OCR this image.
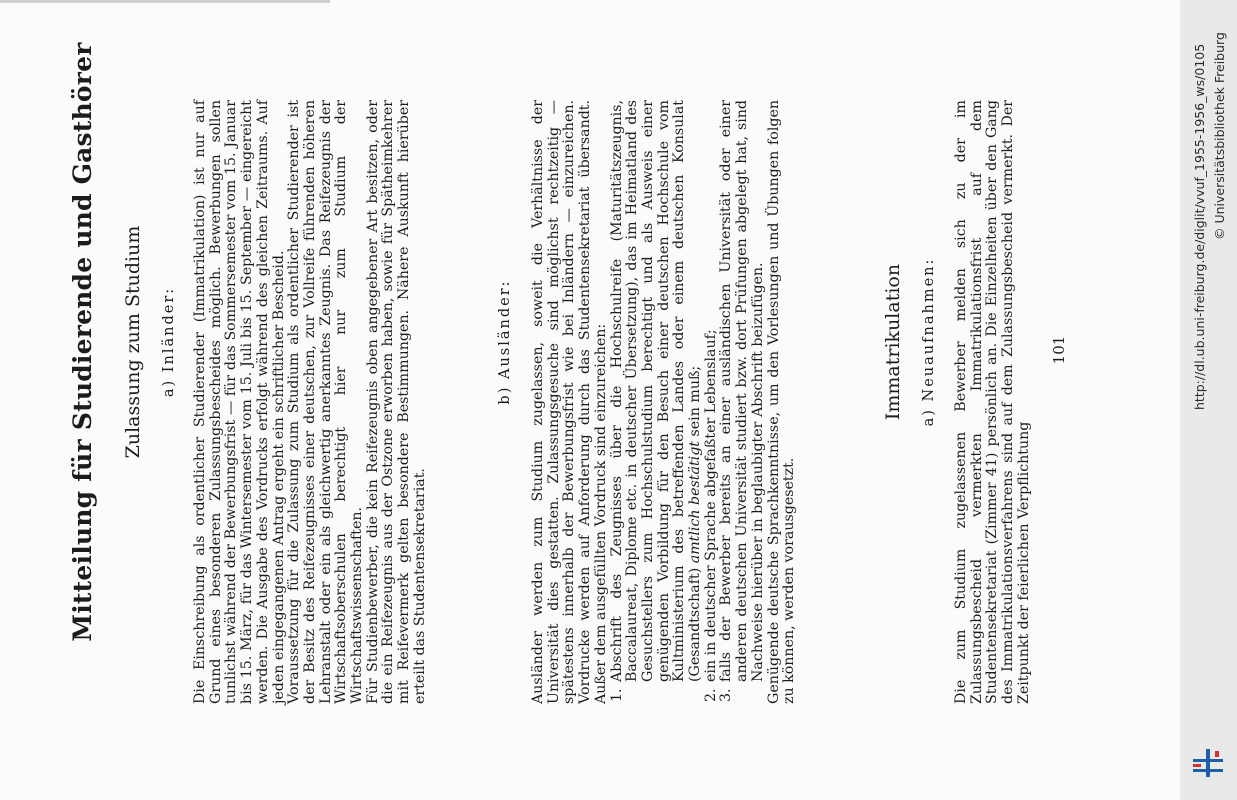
Mitteilung für Studierende und Gasthörer Zulassung zum Studium a) Inländer: Die Einschreibung als ordentlicher Studierender (Immatrikulation) ist nur auf Grund eines besonderen Zulassungsbescheides möglich. Bewerbungen sollen tunlichst während der Bewerbungsfrist — für das Sommersemester vom 15. Januar bis 15. März, für das Wintersemester vom 15. Juli bis 15. September — eingereicht werden. Die Ausgabe des Vordrucks erfolgt während des gleichen Zeitraums. Auf jeden eingegangenen Antrag ergeht ein schriftlicher Bescheid. Voraussetzung für die Zulassung zum Studium als ordentlicher Studierender ist der Besitz des Reifezeugnisses einer deutschen, zur Vollreife führenden höheren Lehranstalt oder ein als gleichwertig anerkanntes Zeugnis. Das Reifezeugnis der Wirtschaftsoberschulen berechtigt hier nur zum Studium der Wirtschaftswissenschaften. Für Studienbewerber, die kein Reifezeugnis oben angegebener Art besitzen, oder die ein Reifezeugnis aus der Ostzone erworben haben, sowie für Spätheimkehrer mit Reifevermerk gelten besondere Bestimmungen. Nähere Auskunft hierüber erteilt das Studentensekretariat.

b) Ausländer: Ausländer werden zum Studium zugelassen, soweit die Verhältnisse der Universität dies gestatten. Zulassungsgesuche sind möglichst rechtzeitig — spätestens innerhalb der Bewerbungsfrist wie bei Inländern — einzureichen. Vordrucke werden auf Anforderung durch das Studentensekretariat übersandt. Außer dem ausgefüllten Vordruck sind einzureichen: 1. Abschrift des Zeugnisses über die Hochschulreife (Maturitätszeugnis, Baccalaureat, Diplome etc. in deutscher Übersetzung), das im Heimatland des Gesuchstellers zum Hochschulstudium berechtigt und als Ausweis einer genügenden Vorbildung für den Besuch einer deutschen Hochschule vom Kultministerium des betreffenden Landes oder einem deutschen Konsulat (Gesandtschaft) amtlich bestätigt sein muß; 2. ein in deutscher Sprache abgefaßter Lebenslauf; 3. falls der Bewerber bereits an einer ausländischen Universität oder einer anderen deutschen Universität studiert bzw. dort Prüfungen abgelegt hat, sind Nachweise hierüber in beglaubigter Abschrift beizufügen. Genügende deutsche Sprachkenntnisse, um den Vorlesungen und Übungen folgen zu können, werden vorausgesetzt.

Immatrikulation a) Neuaufnahmen: Die zum Studium zugelassenen Bewerber melden sich zu der im Zulassungsbescheid vermerkten Immatrikulationsfrist auf dem Studentensekretariat (Zimmer 41) persönlich an. Die Einzelheiten über den Gang des Immatrikulationsverfahrens sind auf dem Zulassungsbescheid vermerkt. Der Zeitpunkt der feierlichen Verpflichtung

101	http://dl.ub.uni-freiburg.de/diglit/vvuf_1955-1956_ws/0105 © Universitätsbibliothek Freiburg
